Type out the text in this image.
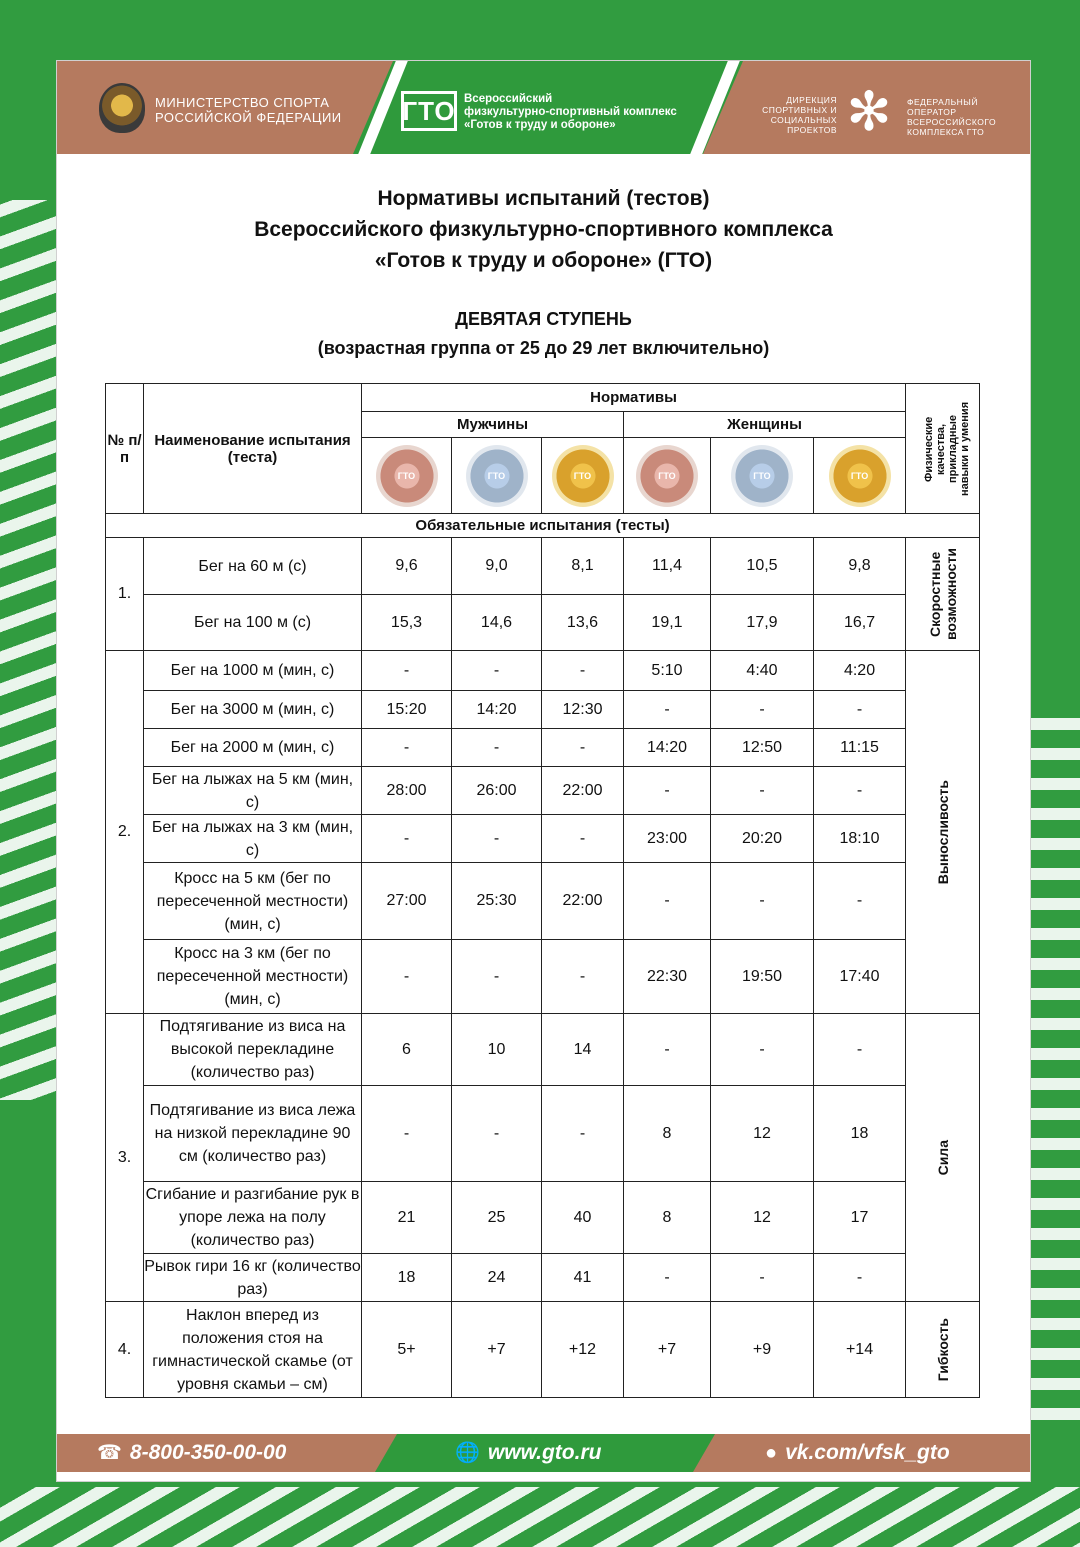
МИНИСТЕРСТВО СПОРТА РОССИЙСКОЙ ФЕДЕРАЦИИ	ГТО Всероссийский
физкультурно-спортивный комплекс
«Готов к труду и обороне»
ДИРЕКЦИЯ СПОРТИВНЫХ И СОЦИАЛЬНЫХ ПРОЕКТОВ ✻	ФЕДЕРАЛЬНЫЙ ОПЕРАТОР ВСЕРОССИЙСКОГО КОМПЛЕКСА ГТО
Нормативы испытаний (тестов)
Всероссийского физкультурно-спортивного комплекса
«Готов к труду и обороне» (ГТО)
ДЕВЯТАЯ СТУПЕНЬ
(возрастная группа от 25 до 29 лет включительно)
№ п/п	Наименование испытания (теста)	Нормативы						Физические качества, прикладные навыки и умения

		Мужчины			Женщины			

ГТО	ГТО	ГТО	ГТО	ГТО	ГТО	

Обязательные испытания (тесты)								
1.	Бег на 60 м (с)	9,6	9,0	8,1	11,4	10,5	9,8	Скоростные возможности

	Бег на 100 м (с)	15,3	14,6	13,6	19,1	17,9	16,7	
2.	Бег на 1000 м (мин, с)	-	-	-	5:10	4:40	4:20	Выносливость

	Бег на 3000 м (мин, с)	15:20	14:20	12:30	-	-	-	
	Бег на 2000 м (мин, с)	-	-	-	14:20	12:50	11:15	
	Бег на лыжах на 5 км (мин, с)	28:00	26:00	22:00	-	-	-	
	Бег на лыжах на 3 км (мин, с)	-	-	-	23:00	20:20	18:10	
	Кросс на 5 км (бег по пересеченной местности) (мин, с)	27:00	25:30	22:00	-	-	-	
	Кросс на 3 км (бег по пересеченной местности) (мин, с)	-	-	-	22:30	19:50	17:40	
3.	Подтягивание из виса на высокой перекладине (количество раз)	6	10	14	-	-	-	Сила

	Подтягивание из виса лежа на низкой перекладине 90 см (количество раз)	-	-	-	8	12	18	
	Сгибание и разгибание рук в упоре лежа на полу (количество раз)	21	25	40	8	12	17	
	Рывок гири 16 кг (количество раз)	18	24	41	-	-	-	
4.	Наклон вперед из положения стоя на гимнастической скамье (от уровня скамьи – см)	5+	+7	+12	+7	+9	+14	Гибкость
☎ 8-800-350-00-00	🌐 www.gto.ru	● vk.com/vfsk_gto
